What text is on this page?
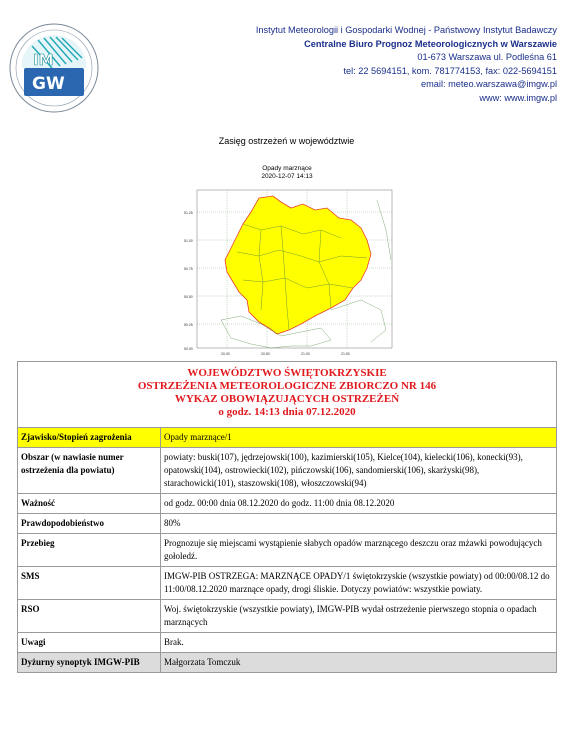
IM
GW
Instytut Meteorologii i Gospodarki Wodnej - Państwowy Instytut Badawczy
Centralne Biuro Prognoz Meteorologicznych w Warszawie
01-673 Warszawa ul. Podleśna 61
tel: 22 5694151, kom. 781774153, fax: 022-5694151
email: meteo.warszawa@imgw.pl
www: www.imgw.pl
Zasięg ostrzeżeń w województwie
Opady marznące
2020-12-07 14:13
51.25
51.00
50.75
50.50
50.25
50.00
20.00	20.50	21.00	21.50
WOJEWÓDZTWO ŚWIĘTOKRZYSKIE
OSTRZEŻENIA METEOROLOGICZNE ZBIORCZO NR 146
WYKAZ OBOWIĄZUJĄCYCH OSTRZEŻEŃ
o godz. 14:13 dnia 07.12.2020	

Zjawisko/Stopień zagrożenia	Opady marznące/1
Obszar (w nawiasie numer ostrzeżenia dla powiatu)	powiaty: buski(107), jędrzejowski(100), kazimierski(105), Kielce(104), kielecki(106), konecki(93), opatowski(104), ostrowiecki(102), pińczowski(106), sandomierski(106), skarżyski(98), starachowicki(101), staszowski(108), włoszczowski(94)
Ważność	od godz. 00:00 dnia 08.12.2020 do godz. 11:00 dnia 08.12.2020
Prawdopodobieństwo	80%
Przebieg	Prognozuje się miejscami wystąpienie słabych opadów marznącego deszczu oraz mżawki powodujących gołoledź.
SMS	IMGW-PIB OSTRZEGA: MARZNĄCE OPADY/1 świętokrzyskie (wszystkie powiaty) od 00:00/08.12 do 11:00/08.12.2020 marznące opady, drogi śliskie. Dotyczy powiatów: wszystkie powiaty.
RSO	Woj. świętokrzyskie (wszystkie powiaty), IMGW-PIB wydał ostrzeżenie pierwszego stopnia o opadach marznących
Uwagi	Brak.
Dyżurny synoptyk IMGW-PIB	Małgorzata Tomczuk
